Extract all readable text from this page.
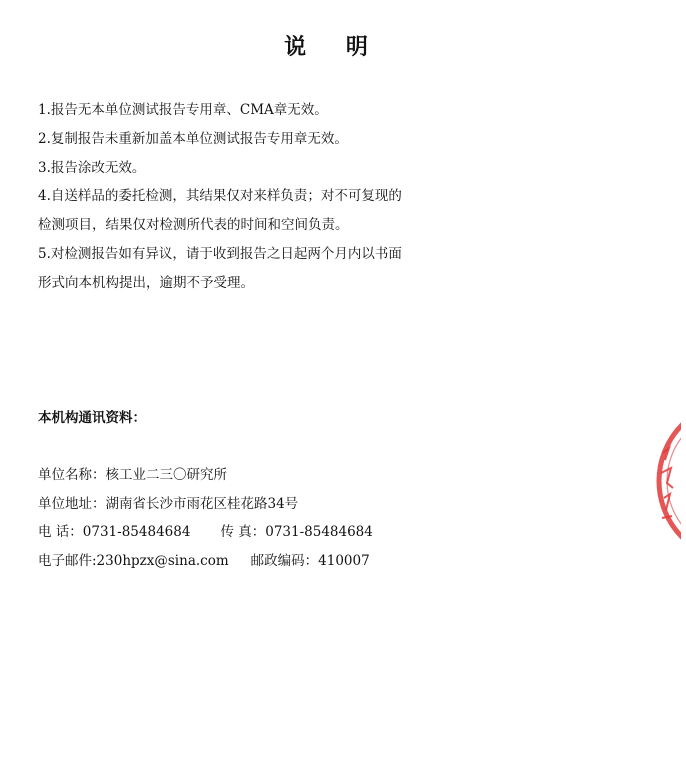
说 明
1.报告无本单位测试报告专用章、CMA章无效。
2.复制报告未重新加盖本单位测试报告专用章无效。
3.报告涂改无效。
4.自送样品的委托检测，其结果仅对来样负责；对不可复现的
检测项目，结果仅对检测所代表的时间和空间负责。
5.对检测报告如有异议，请于收到报告之日起两个月内以书面
形式向本机构提出，逾期不予受理。
本机构通讯资料：
单位名称：核工业二三〇研究所
单位地址：湖南省长沙市雨花区桂花路34号
电 话：0731-85484684 传 真：0731-85484684
电子邮件:230hpzx@sina.com 邮政编码：410007
